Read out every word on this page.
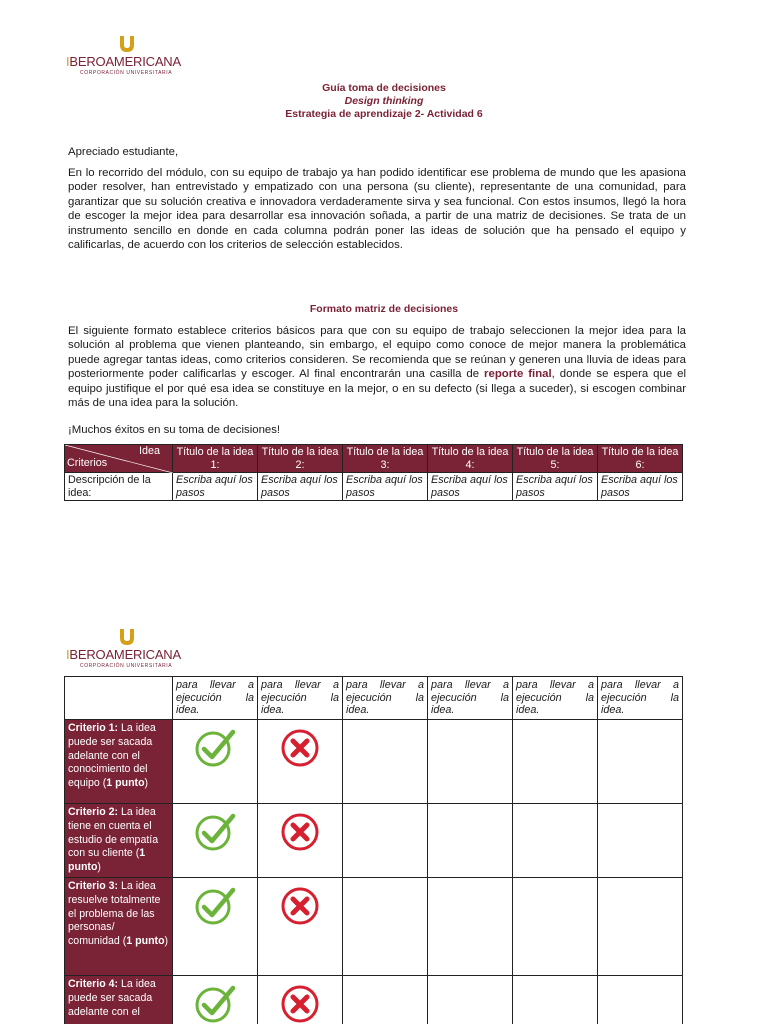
IBEROAMERICANA
CORPORACIÓN UNIVERSITARIA
Guía toma de decisiones
Design thinking
Estrategia de aprendizaje 2- Actividad 6
Apreciado estudiante,
En lo recorrido del módulo, con su equipo de trabajo ya han podido identificar ese problema de mundo que les apasiona poder resolver, han entrevistado y empatizado con una persona (su cliente), representante de una comunidad, para garantizar que su solución creativa e innovadora verdaderamente sirva y sea funcional. Con estos insumos, llegó la hora de escoger la mejor idea para desarrollar esa innovación soñada, a partir de una matriz de decisiones. Se trata de un instrumento sencillo en donde en cada columna podrán poner las ideas de solución que ha pensado el equipo y calificarlas, de acuerdo con los criterios de selección establecidos.
Formato matriz de decisiones
El siguiente formato establece criterios básicos para que con su equipo de trabajo seleccionen la mejor idea para la solución al problema que vienen planteando, sin embargo, el equipo como conoce de mejor manera la problemática puede agregar tantas ideas, como criterios consideren. Se recomienda que se reúnan y generen una lluvia de ideas para posteriormente poder calificarlas y escoger. Al final encontrarán una casilla de reporte final, donde se espera que el equipo justifique el por qué esa idea se constituye en la mejor, o en su defecto (si llega a suceder), si escogen combinar más de una idea para la solución.
¡Muchos éxitos en su toma de decisiones!
Idea
Criterios	Título de la idea 1:	Título de la idea 2:	Título de la idea 3:	Título de la idea 4:	Título de la idea 5:	Título de la idea 6:
Descripción de la idea:	Escriba aquí los pasos	Escriba aquí los pasos	Escriba aquí los pasos	Escriba aquí los pasos	Escriba aquí los pasos	Escriba aquí los pasos
IBEROAMERICANA
CORPORACIÓN UNIVERSITARIA
	para llevar a ejecución la idea.	para llevar a ejecución la idea.	para llevar a ejecución la idea.	para llevar a ejecución la idea.	para llevar a ejecución la idea.	para llevar a ejecución la idea.
Criterio 1: La idea puede ser sacada adelante con el conocimiento del equipo (1 punto)						
Criterio 2: La idea tiene en cuenta el estudio de empatía con su cliente (1 punto)						
Criterio 3: La idea resuelve totalmente el problema de las personas/ comunidad (1 punto)						
Criterio 4: La idea puede ser sacada adelante con el						
